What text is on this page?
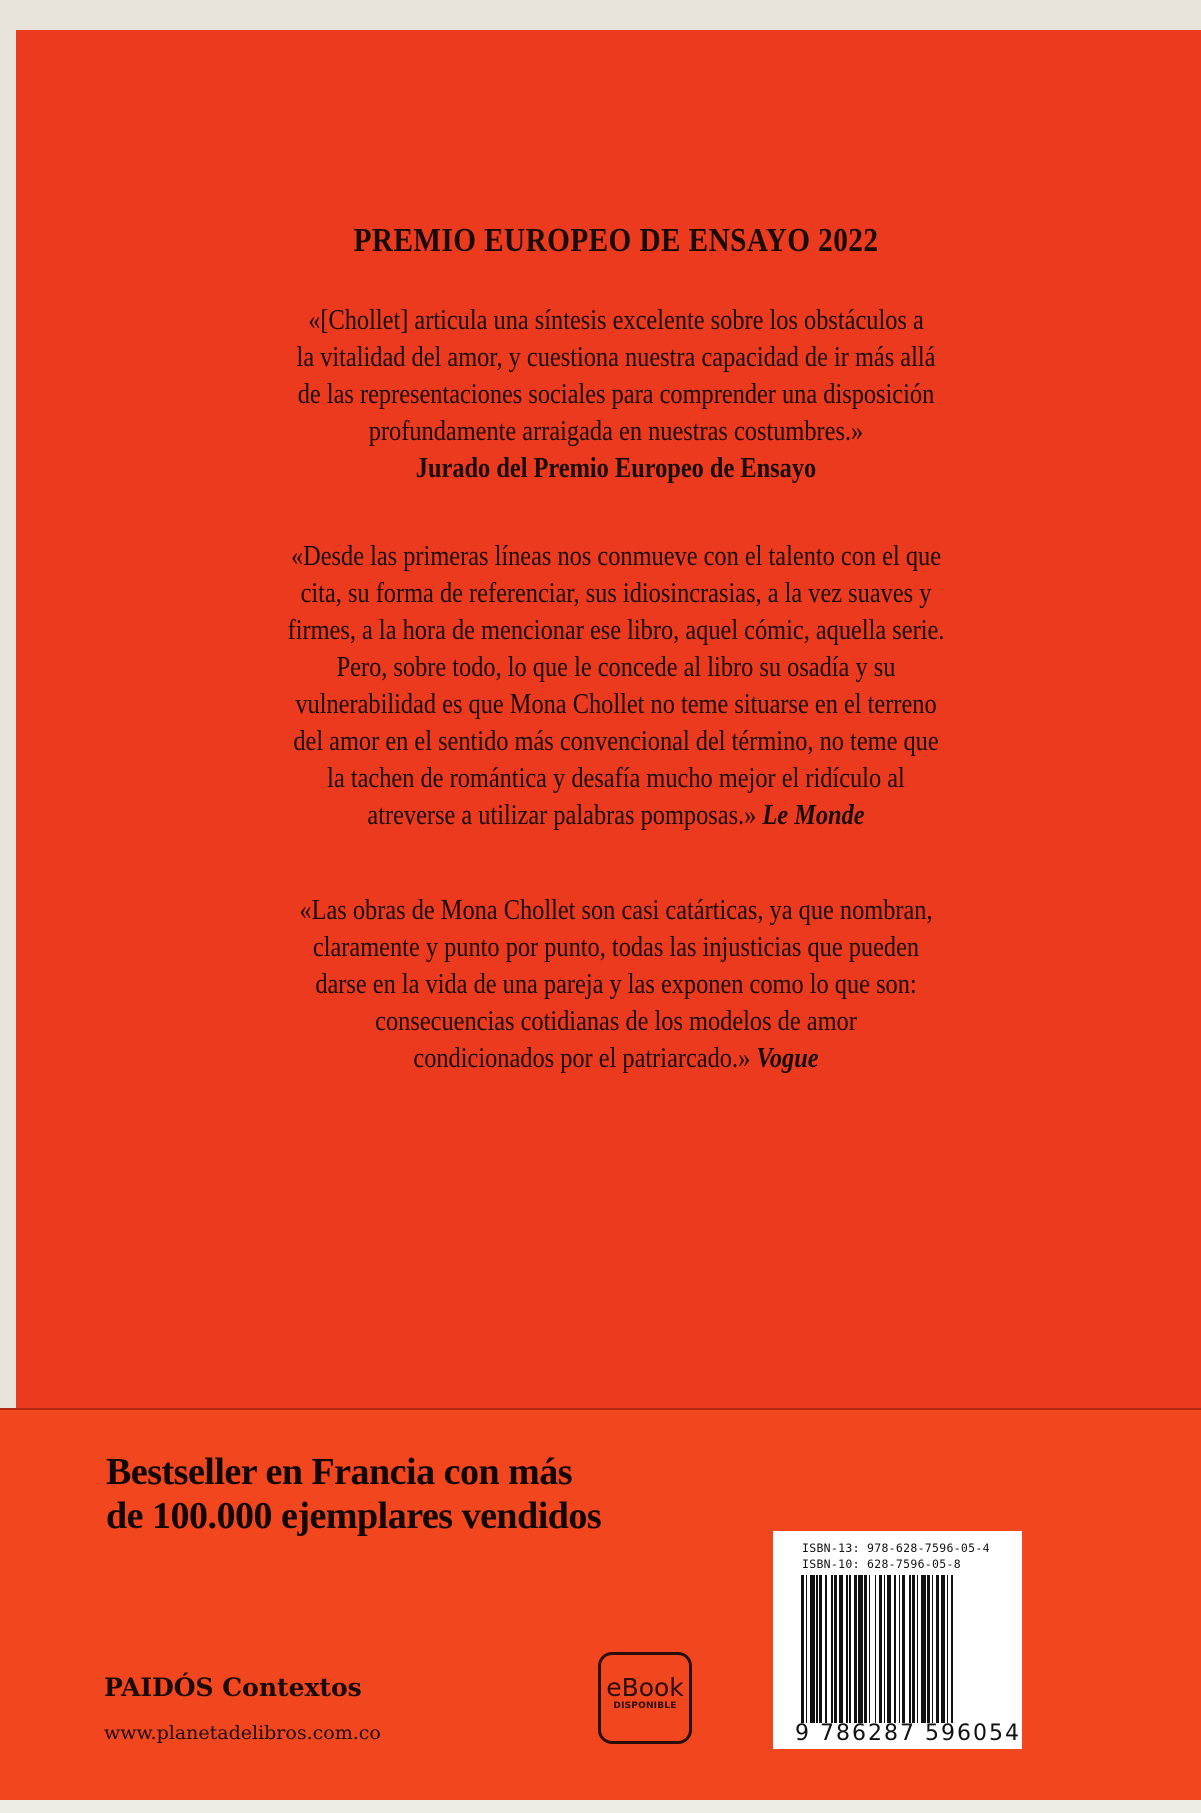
PREMIO EUROPEO DE ENSAYO 2022
«[Chollet] articula una síntesis excelente sobre los obstáculos a
la vitalidad del amor, y cuestiona nuestra capacidad de ir más allá
de las representaciones sociales para comprender una disposición
profundamente arraigada en nuestras costumbres.»
Jurado del Premio Europeo de Ensayo
«Desde las primeras líneas nos conmueve con el talento con el que
cita, su forma de referenciar, sus idiosincrasias, a la vez suaves y
firmes, a la hora de mencionar ese libro, aquel cómic, aquella serie.
Pero, sobre todo, lo que le concede al libro su osadía y su
vulnerabilidad es que Mona Chollet no teme situarse en el terreno
del amor en el sentido más convencional del término, no teme que
la tachen de romántica y desafía mucho mejor el ridículo al
atreverse a utilizar palabras pomposas.» Le Monde
«Las obras de Mona Chollet son casi catárticas, ya que nombran,
claramente y punto por punto, todas las injusticias que pueden
darse en la vida de una pareja y las exponen como lo que son:
consecuencias cotidianas de los modelos de amor
condicionados por el patriarcado.» Vogue
Bestseller en Francia con más
de 100.000 ejemplares vendidos
PAIDÓS Contextos
www.planetadelibros.com.co
eBook
DISPONIBLE
ISBN-13: 978-628-7596-05-4
ISBN-10: 628-7596-05-8
9 786287 596054
